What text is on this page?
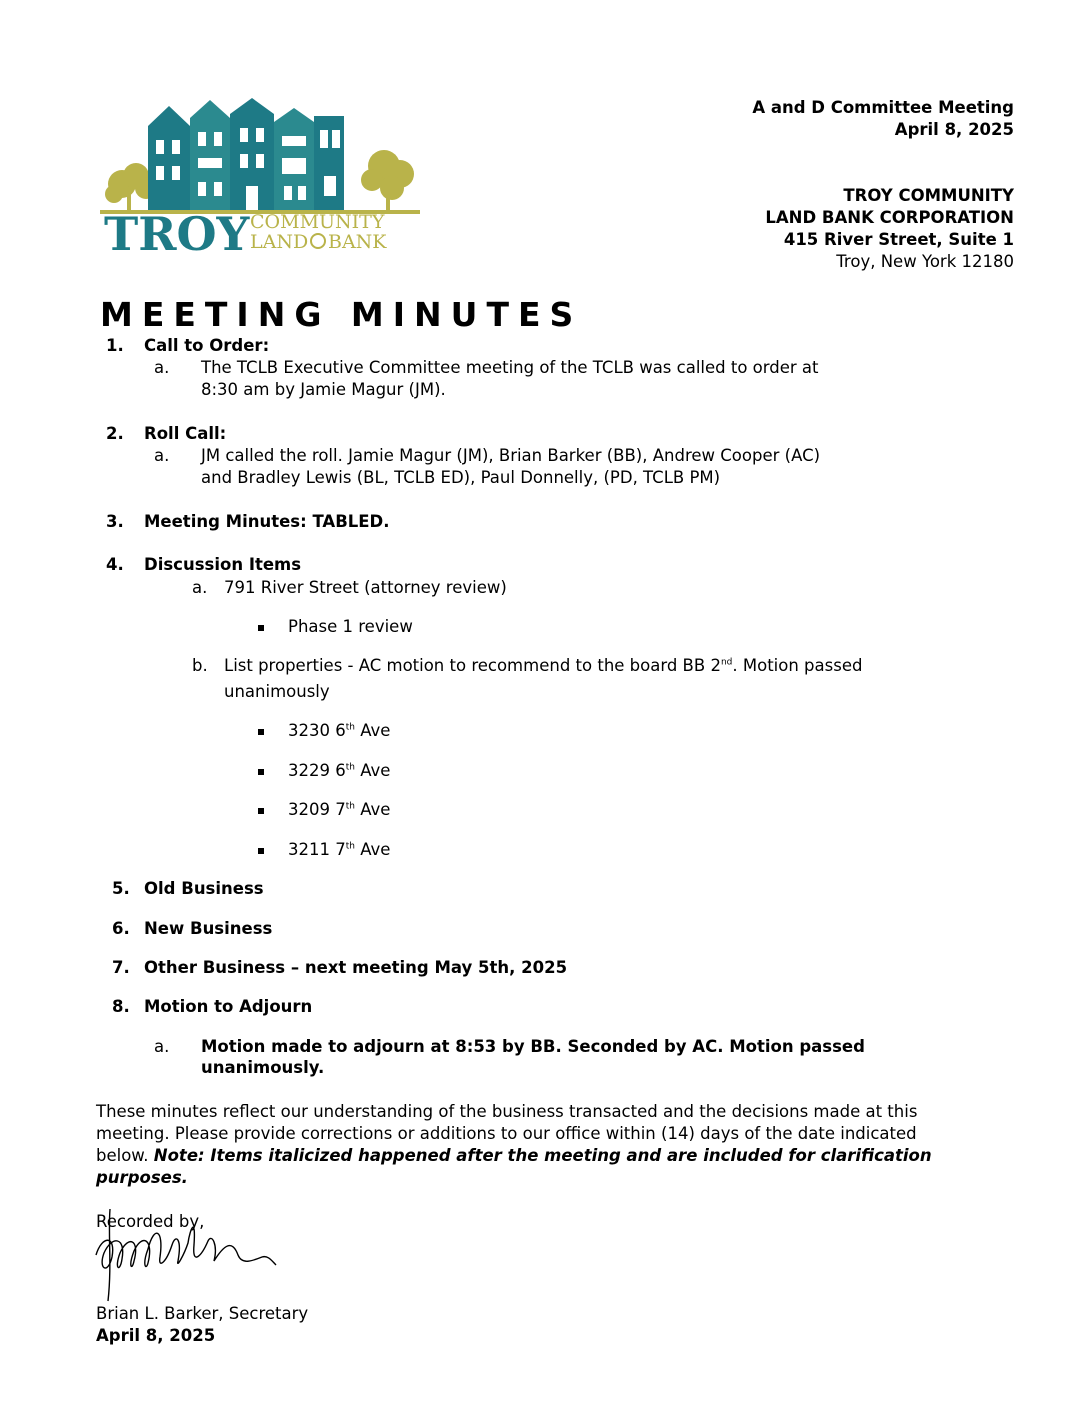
TROY COMMUNITY
LAND BANK
A and D Committee Meeting
April 8, 2025
TROY COMMUNITY
LAND BANK CORPORATION
415 River Street, Suite 1
Troy, New York 12180
MEETING MINUTES
1. Call to Order:
a. The TCLB Executive Committee meeting of the TCLB was called to order at
8:30 am by Jamie Magur (JM).
2. Roll Call:
a. JM called the roll. Jamie Magur (JM), Brian Barker (BB), Andrew Cooper (AC)
and Bradley Lewis (BL, TCLB ED), Paul Donnelly, (PD, TCLB PM)
3. Meeting Minutes: TABLED.
4. Discussion Items
a. 791 River Street (attorney review)
Phase 1 review
b. List properties - AC motion to recommend to the board BB 2nd. Motion passed
unanimously
3230 6th Ave
3229 6th Ave
3209 7th Ave
3211 7th Ave
5. Old Business
6. New Business
7. Other Business – next meeting May 5th, 2025
8. Motion to Adjourn
a. Motion made to adjourn at 8:53 by BB. Seconded by AC. Motion passed
unanimously.
These minutes reflect our understanding of the business transacted and the decisions made at this
meeting. Please provide corrections or additions to our office within (14) days of the date indicated
below. Note: Items italicized happened after the meeting and are included for clarification purposes.
Recorded by,
Brian L. Barker, Secretary
April 8, 2025
